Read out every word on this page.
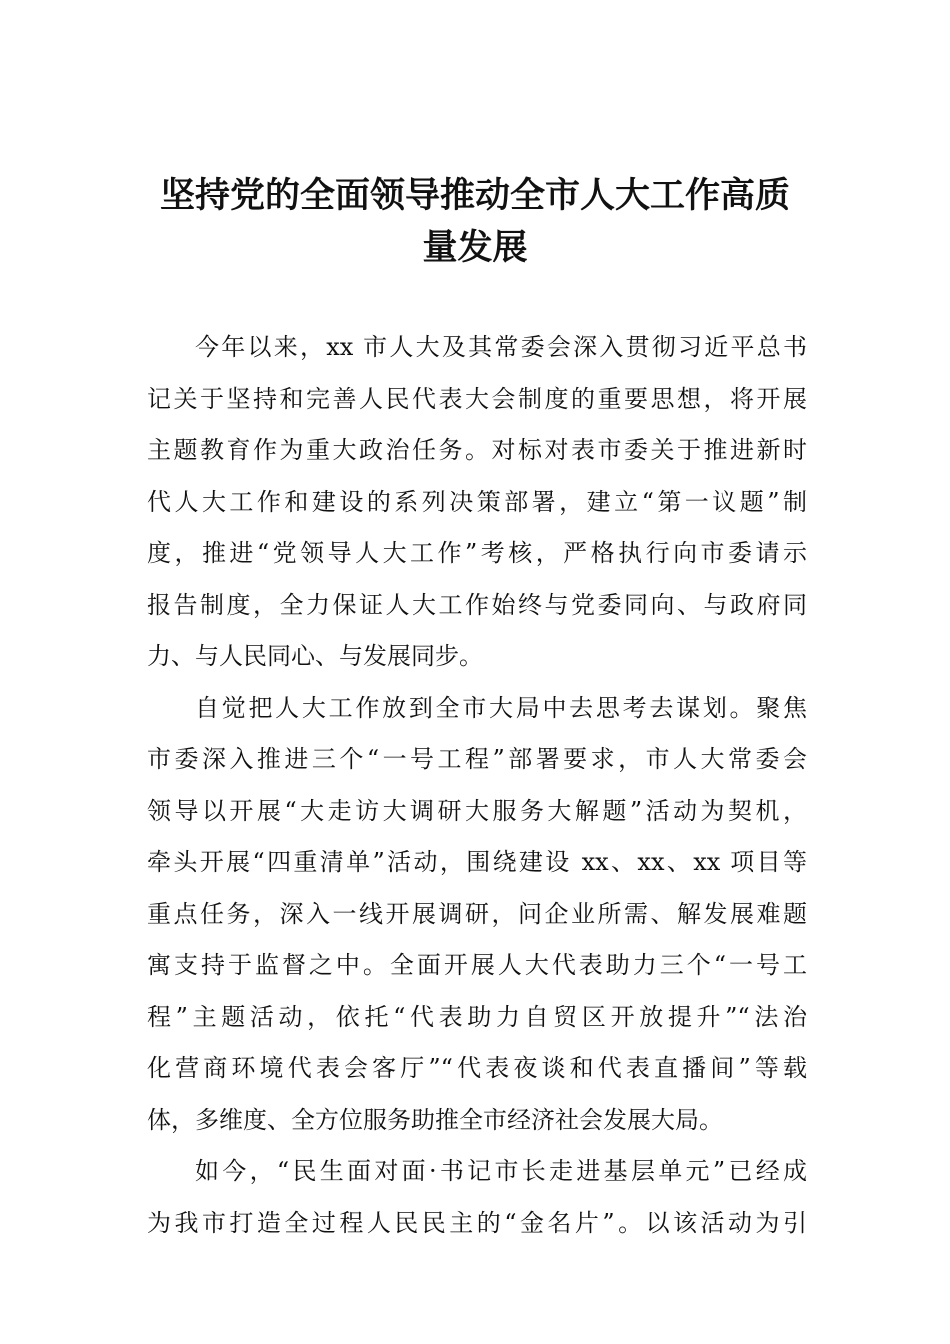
坚持党的全面领导推动全市人大工作高质
量发展
今年以来，xx 市人大及其常委会深入贯彻习近平总书
记关于坚持和完善人民代表大会制度的重要思想，将开展
主题教育作为重大政治任务。对标对表市委关于推进新时
代人大工作和建设的系列决策部署，建立“第一议题”制
度，推进“党领导人大工作”考核，严格执行向市委请示
报告制度，全力保证人大工作始终与党委同向、与政府同
力、与人民同心、与发展同步。
自觉把人大工作放到全市大局中去思考去谋划。聚焦
市委深入推进三个“一号工程”部署要求，市人大常委会
领导以开展“大走访大调研大服务大解题”活动为契机，
牵头开展“四重清单”活动，围绕建设 xx、xx、xx 项目等
重点任务，深入一线开展调研，问企业所需、解发展难题
寓支持于监督之中。全面开展人大代表助力三个“一号工
程”主题活动，依托“代表助力自贸区开放提升”“法治
化营商环境代表会客厅”“代表夜谈和代表直播间”等载
体，多维度、全方位服务助推全市经济社会发展大局。
如今，“民生面对面·书记市长走进基层单元”已经成
为我市打造全过程人民民主的“金名片”。以该活动为引
